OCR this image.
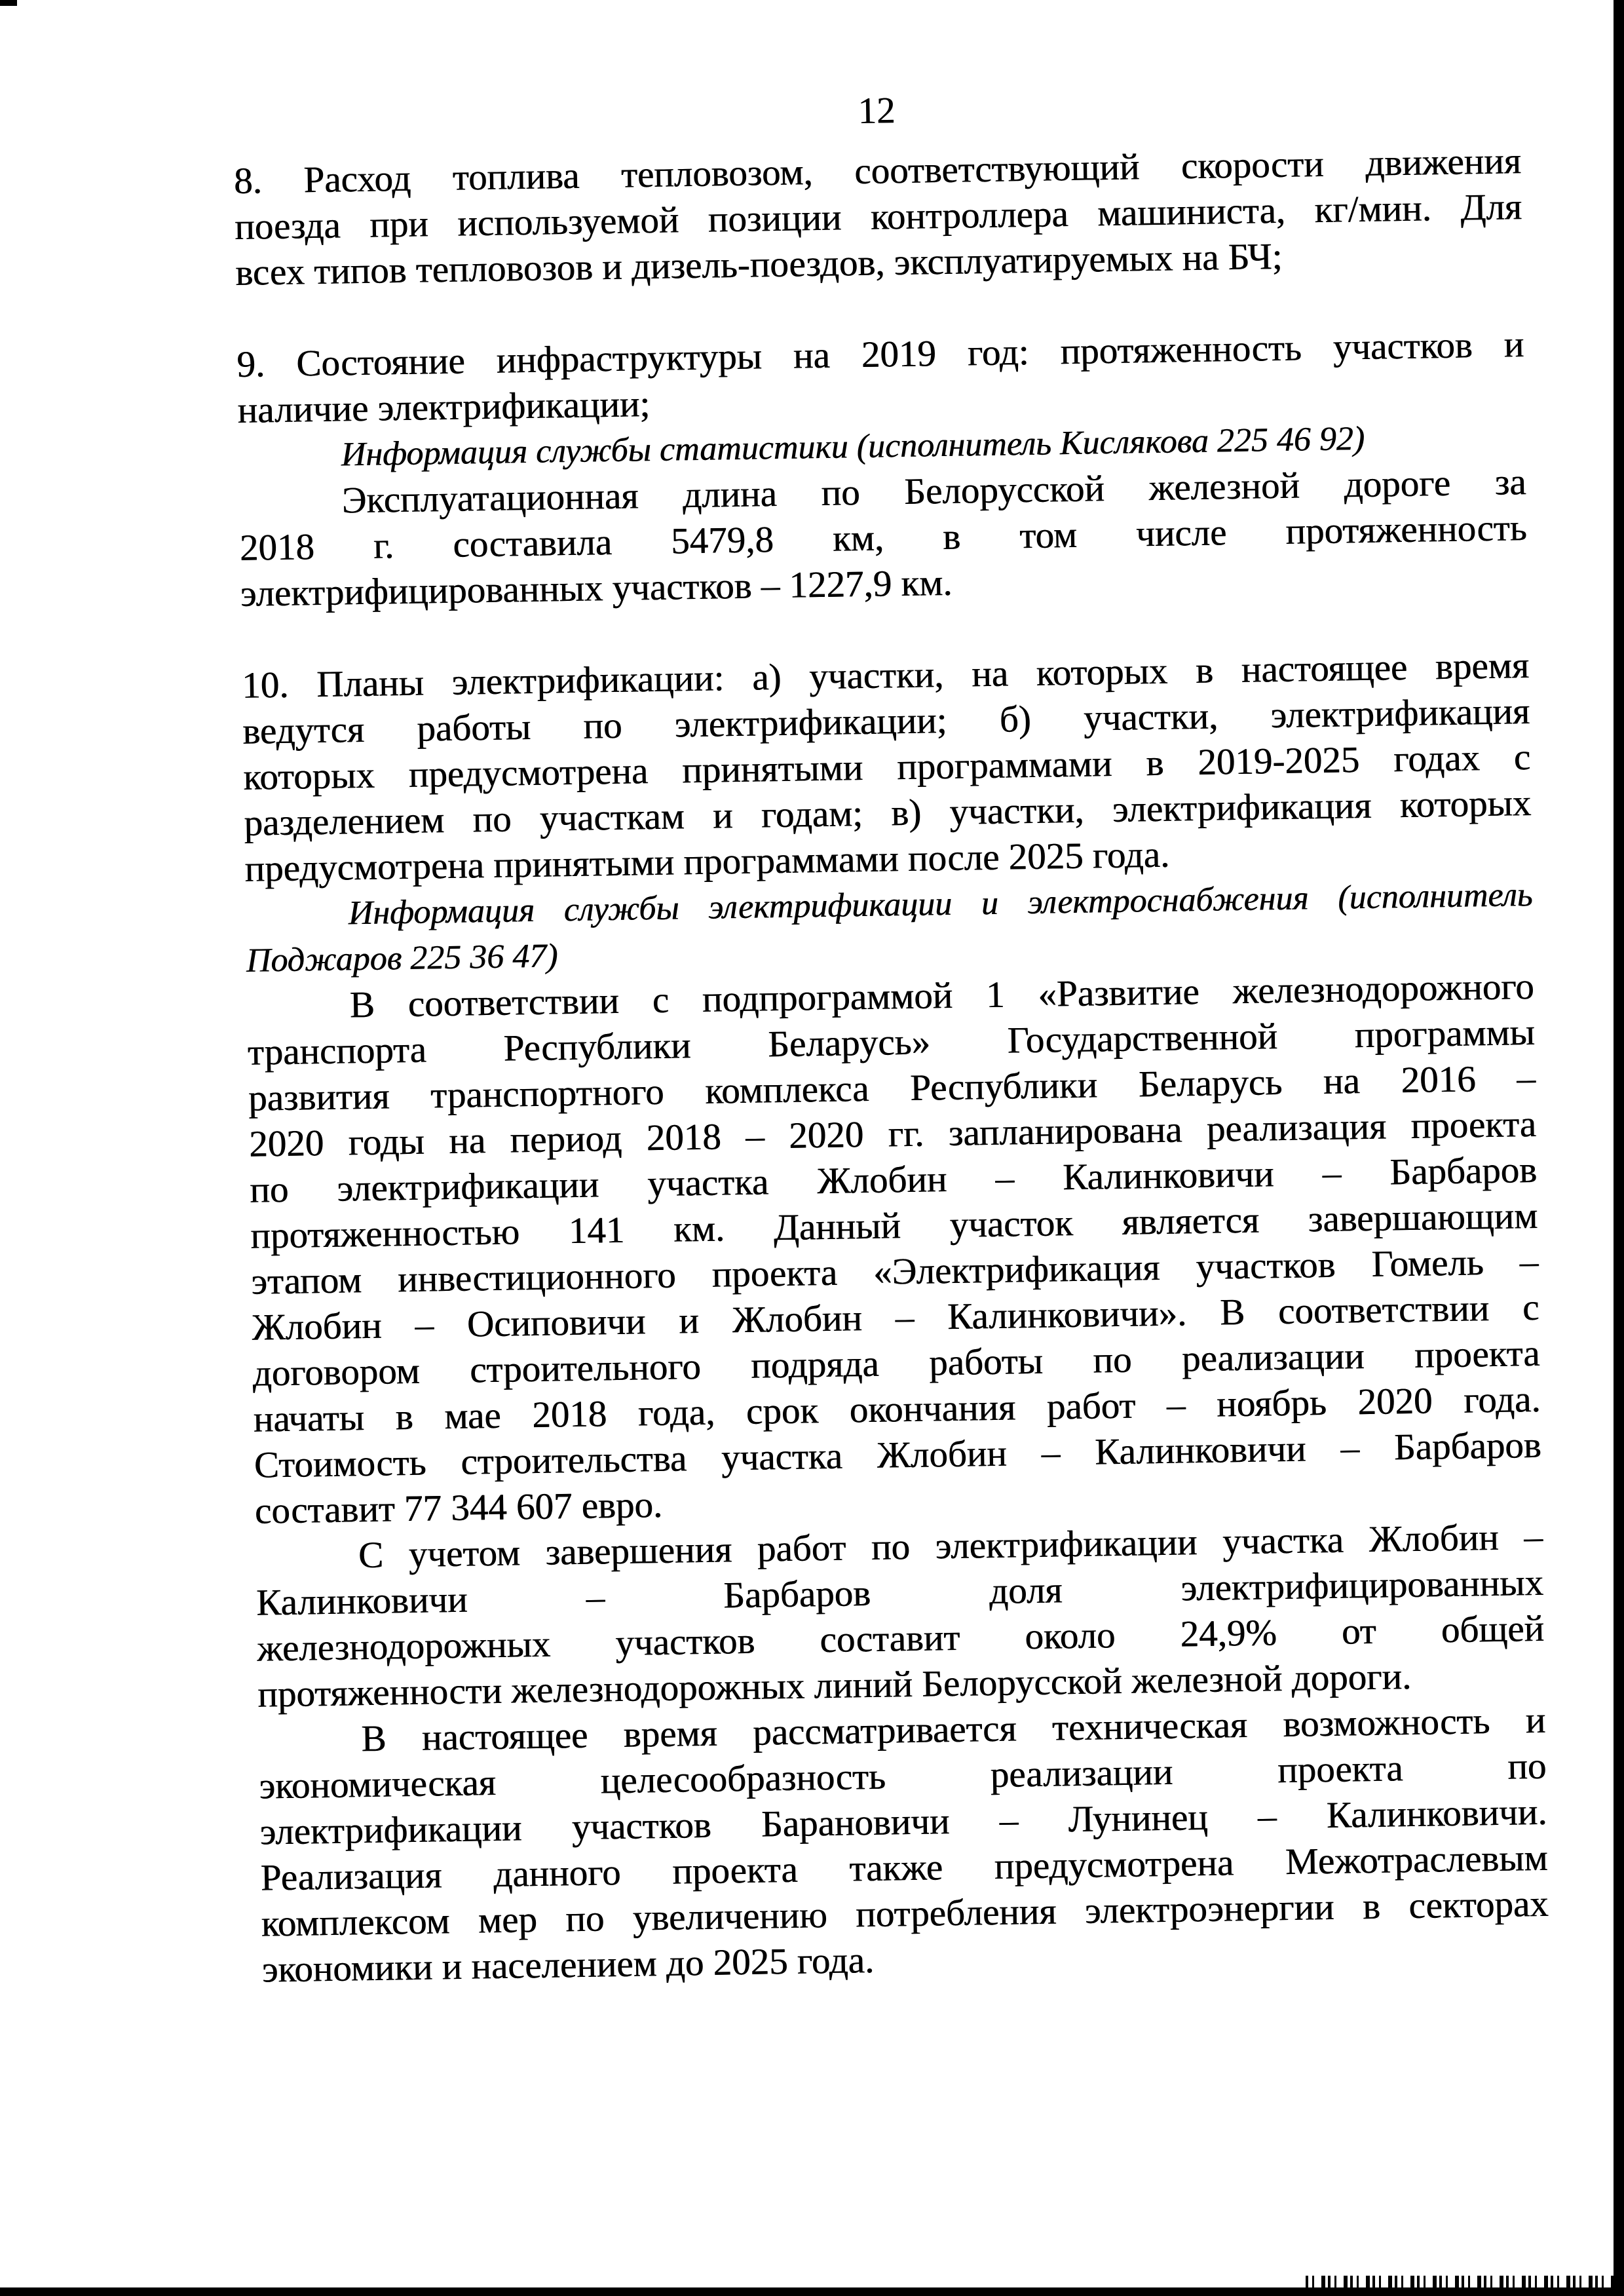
12

8. Расход топлива тепловозом, соответствующий скорости движения
поезда при используемой позиции контроллера машиниста, кг/мин. Для
всех типов тепловозов и дизель-поездов, эксплуатируемых на БЧ;

9. Состояние инфраструктуры на 2019 год: протяженность участков и
наличие электрификации;

Информация службы статистики (исполнитель Кислякова 225 46 92)

Эксплуатационная длина по Белорусской железной дороге за
2018 г. составила 5479,8 км, в том числе протяженность
электрифицированных участков – 1227,9 км.

10. Планы электрификации: а) участки, на которых в настоящее время
ведутся работы по электрификации; б) участки, электрификация
которых предусмотрена принятыми программами в 2019-2025 годах с
разделением по участкам и годам; в) участки, электрификация которых
предусмотрена принятыми программами после 2025 года.

Информация службы электрификации и электроснабжения (исполнитель
Поджаров 225 36 47)

В соответствии с подпрограммой 1 «Развитие железнодорожного
транспорта Республики Беларусь» Государственной программы
развития транспортного комплекса Республики Беларусь на 2016 –
2020 годы на период 2018 – 2020 гг. запланирована реализация проекта
по электрификации участка Жлобин – Калинковичи – Барбаров
протяженностью 141 км. Данный участок является завершающим
этапом инвестиционного проекта «Электрификация участков Гомель –
Жлобин – Осиповичи и Жлобин – Калинковичи». В соответствии с
договором строительного подряда работы по реализации проекта
начаты в мае 2018 года, срок окончания работ – ноябрь 2020 года.
Стоимость строительства участка Жлобин – Калинковичи – Барбаров
составит 77 344 607 евро.

С учетом завершения работ по электрификации участка Жлобин –
Калинковичи – Барбаров доля электрифицированных
железнодорожных участков составит около 24,9% от общей
протяженности железнодорожных линий Белорусской железной дороги.

В настоящее время рассматривается техническая возможность и
экономическая целесообразность реализации проекта по
электрификации участков Барановичи – Лунинец – Калинковичи.
Реализация данного проекта также предусмотрена Межотраслевым
комплексом мер по увеличению потребления электроэнергии в секторах
экономики и населением до 2025 года.
